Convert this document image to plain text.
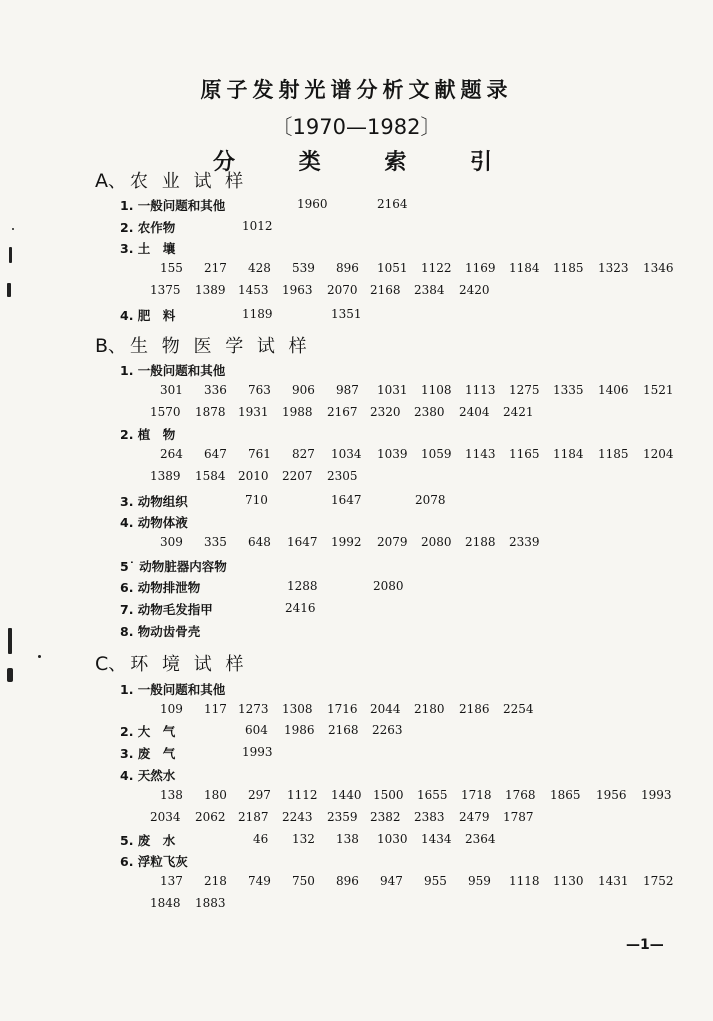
原子发射光谱分析文献题录
〔1970—1982〕
分 类 索 引
A、农 业 试 样
1. 一般问题和其他	1960	2164
2. 农作物	1012
3. 土　壤
155 217 428 539 896 1051 1122 1169 1184 1185 1323 1346
1375 1389 1453 1963 2070 2168 2384 2420
4. 肥　料	1189	1351
B、生 物 医 学 试 样
1. 一般问题和其他
301 336 763 906 987 1031 1108 1113 1275 1335 1406 1521
1570 1878 1931 1988 2167 2320 2380 2404 2421
2. 植　物
264 647 761 827 1034 1039 1059 1143 1165 1184 1185 1204
1389 1584 2010 2207 2305
3. 动物组织	710	1647	2078
4. 动物体液
309 335 648 1647 1992 2079 2080 2188 2339
5˙ 动物脏器内容物
6. 动物排泄物	1288	2080
7. 动物毛发指甲	2416
8. 物动齿骨壳
C、环 境 试 样
1. 一般问题和其他
109 117 1273 1308 1716 2044 2180 2186 2254
2. 大　气	604 1986 2168 2263
3. 废　气	1993
4. 天然水
138 180 297 1112 1440 1500 1655 1718 1768 1865 1956 1993
2034 2062 2187 2243 2359 2382 2383 2479 1787
5. 废　水	46 132 138 1030 1434 2364
6. 浮粒飞灰
137 218 749 750 896 947 955 959 1118 1130 1431 1752
1848 1883
—1—
